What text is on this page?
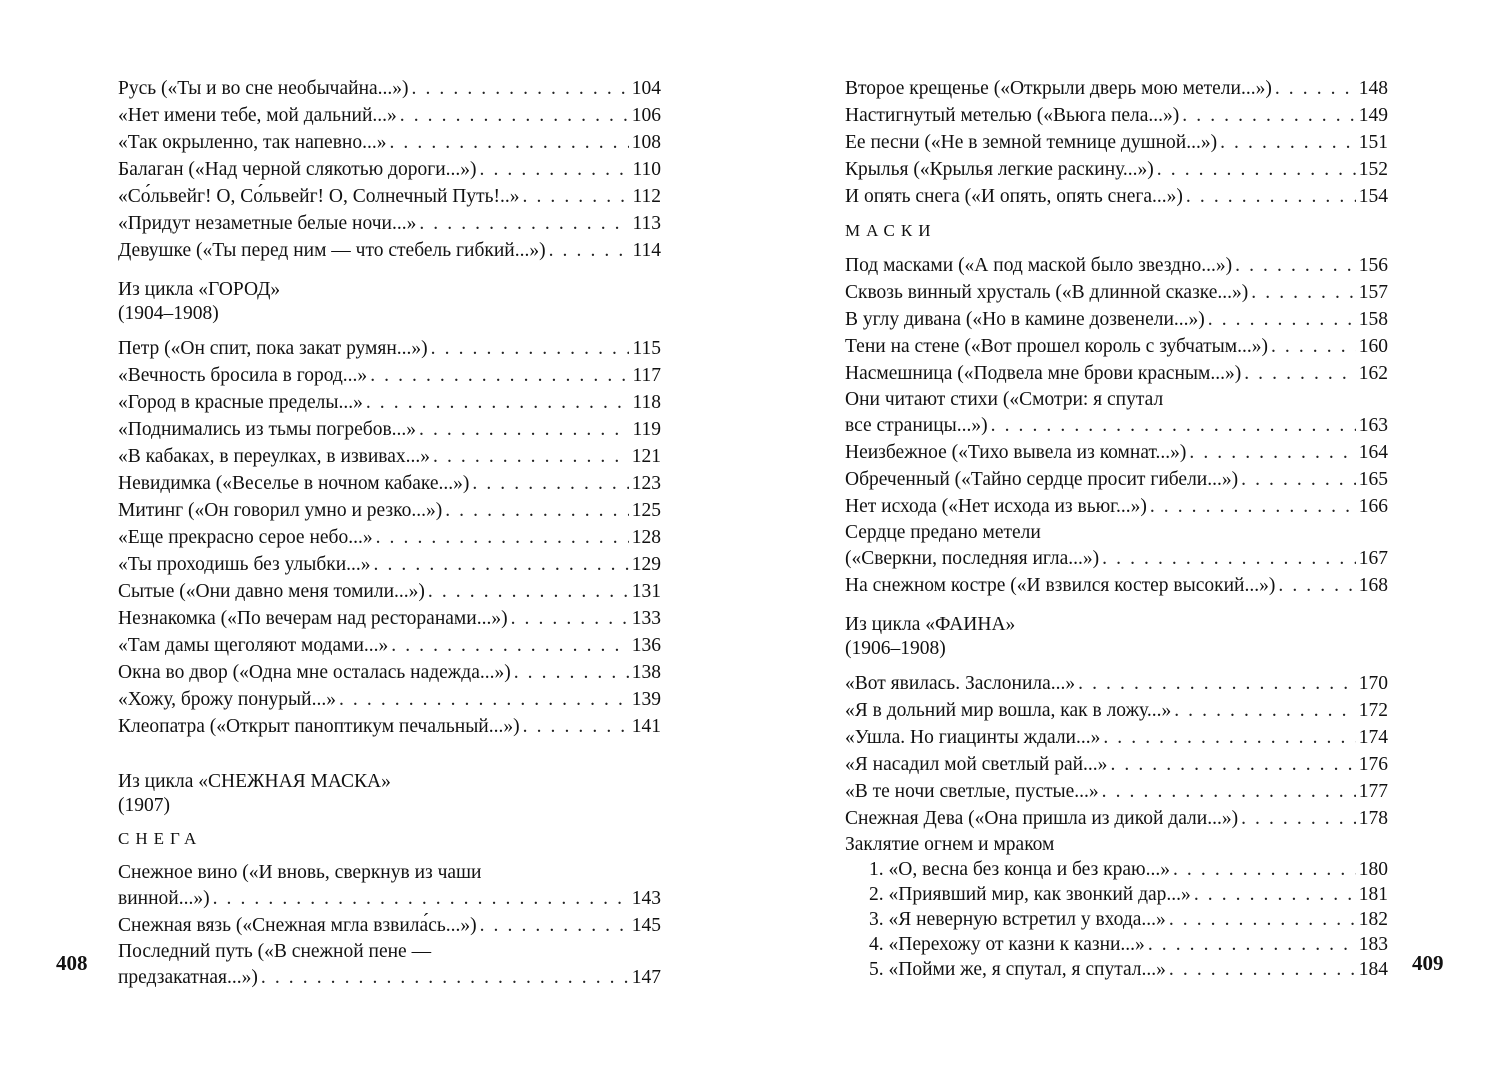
Русь («Ты и во сне необычайна...») . . .	104
«Нет имени тебе, мой дальний...» . . .	106
«Так окрыленно, так напевно...» . . .	108
Балаган («Над черной слякотью дороги...») . . .	110
«Со́львейг! О, Со́львейг! О, Солнечный Путь!..» . . .	112
«Придут незаметные белые ночи...» . . .	113
Девушке («Ты перед ним — что стебель гибкий...») . . .	114
Из цикла «ГОРОД»
(1904–1908)
Петр («Он спит, пока закат румян...») . . .	115
«Вечность бросила в город...» . . .	117
«Город в красные пределы...» . . .	118
«Поднимались из тьмы погребов...» . . .	119
«В кабаках, в переулках, в извивах...» . . .	121
Невидимка («Веселье в ночном кабаке...») . . .	123
Митинг («Он говорил умно и резко...») . . .	125
«Еще прекрасно серое небо...» . . .	128
«Ты проходишь без улыбки...» . . .	129
Сытые («Они давно меня томили...») . . .	131
Незнакомка («По вечерам над ресторанами...») . . .	133
«Там дамы щеголяют модами...» . . .	136
Окна во двор («Одна мне осталась надежда...») . . .	138
«Хожу, брожу понурый...» . . .	139
Клеопатра («Открыт паноптикум печальный...») . . .	141
Из цикла «СНЕЖНАЯ МАСКА»
(1907)
СНЕГА
Снежное вино («И вновь, сверкнув из чаши
винной...») . . .	143
Снежная вязь («Снежная мгла взвила́сь...») . . .	145
Последний путь («В снежной пене —
предзакатная...») . . .	147
Второе крещенье («Открыли дверь мою метели...») . . .	148
Настигнутый метелью («Вьюга пела...») . . .	149
Ее песни («Не в земной темнице душной...») . . .	151
Крылья («Крылья легкие раскину...») . . .	152
И опять снега («И опять, опять снега...») . . .	154
МАСКИ
Под масками («А под маской было звездно...») . . .	156
Сквозь винный хрусталь («В длинной сказке...») . . .	157
В углу дивана («Но в камине дозвенели...») . . .	158
Тени на стене («Вот прошел король с зубчатым...») . . .	160
Насмешница («Подвела мне брови красным...») . . .	162
Они читают стихи («Смотри: я спутал
все страницы...») . . .	163
Неизбежное («Тихо вывела из комнат...») . . .	164
Обреченный («Тайно сердце просит гибели...») . . .	165
Нет исхода («Нет исхода из вьюг...») . . .	166
Сердце предано метели
(«Сверкни, последняя игла...») . . .	167
На снежном костре («И взвился костер высокий...») . . .	168
Из цикла «ФАИНА»
(1906–1908)
«Вот явилась. Заслонила...» . . .	170
«Я в дольний мир вошла, как в ложу...» . . .	172
«Ушла. Но гиацинты ждали...» . . .	174
«Я насадил мой светлый рай...» . . .	176
«В те ночи светлые, пустые...» . . .	177
Снежная Дева («Она пришла из дикой дали...») . . .	178
Заклятие огнем и мраком
1. «О, весна без конца и без краю...» . . .	180
2. «Приявший мир, как звонкий дар...» . . .	181
3. «Я неверную встретил у входа...» . . .	182
4. «Перехожу от казни к казни...» . . .	183
5. «Пойми же, я спутал, я спутал...» . . .	184
408	409
